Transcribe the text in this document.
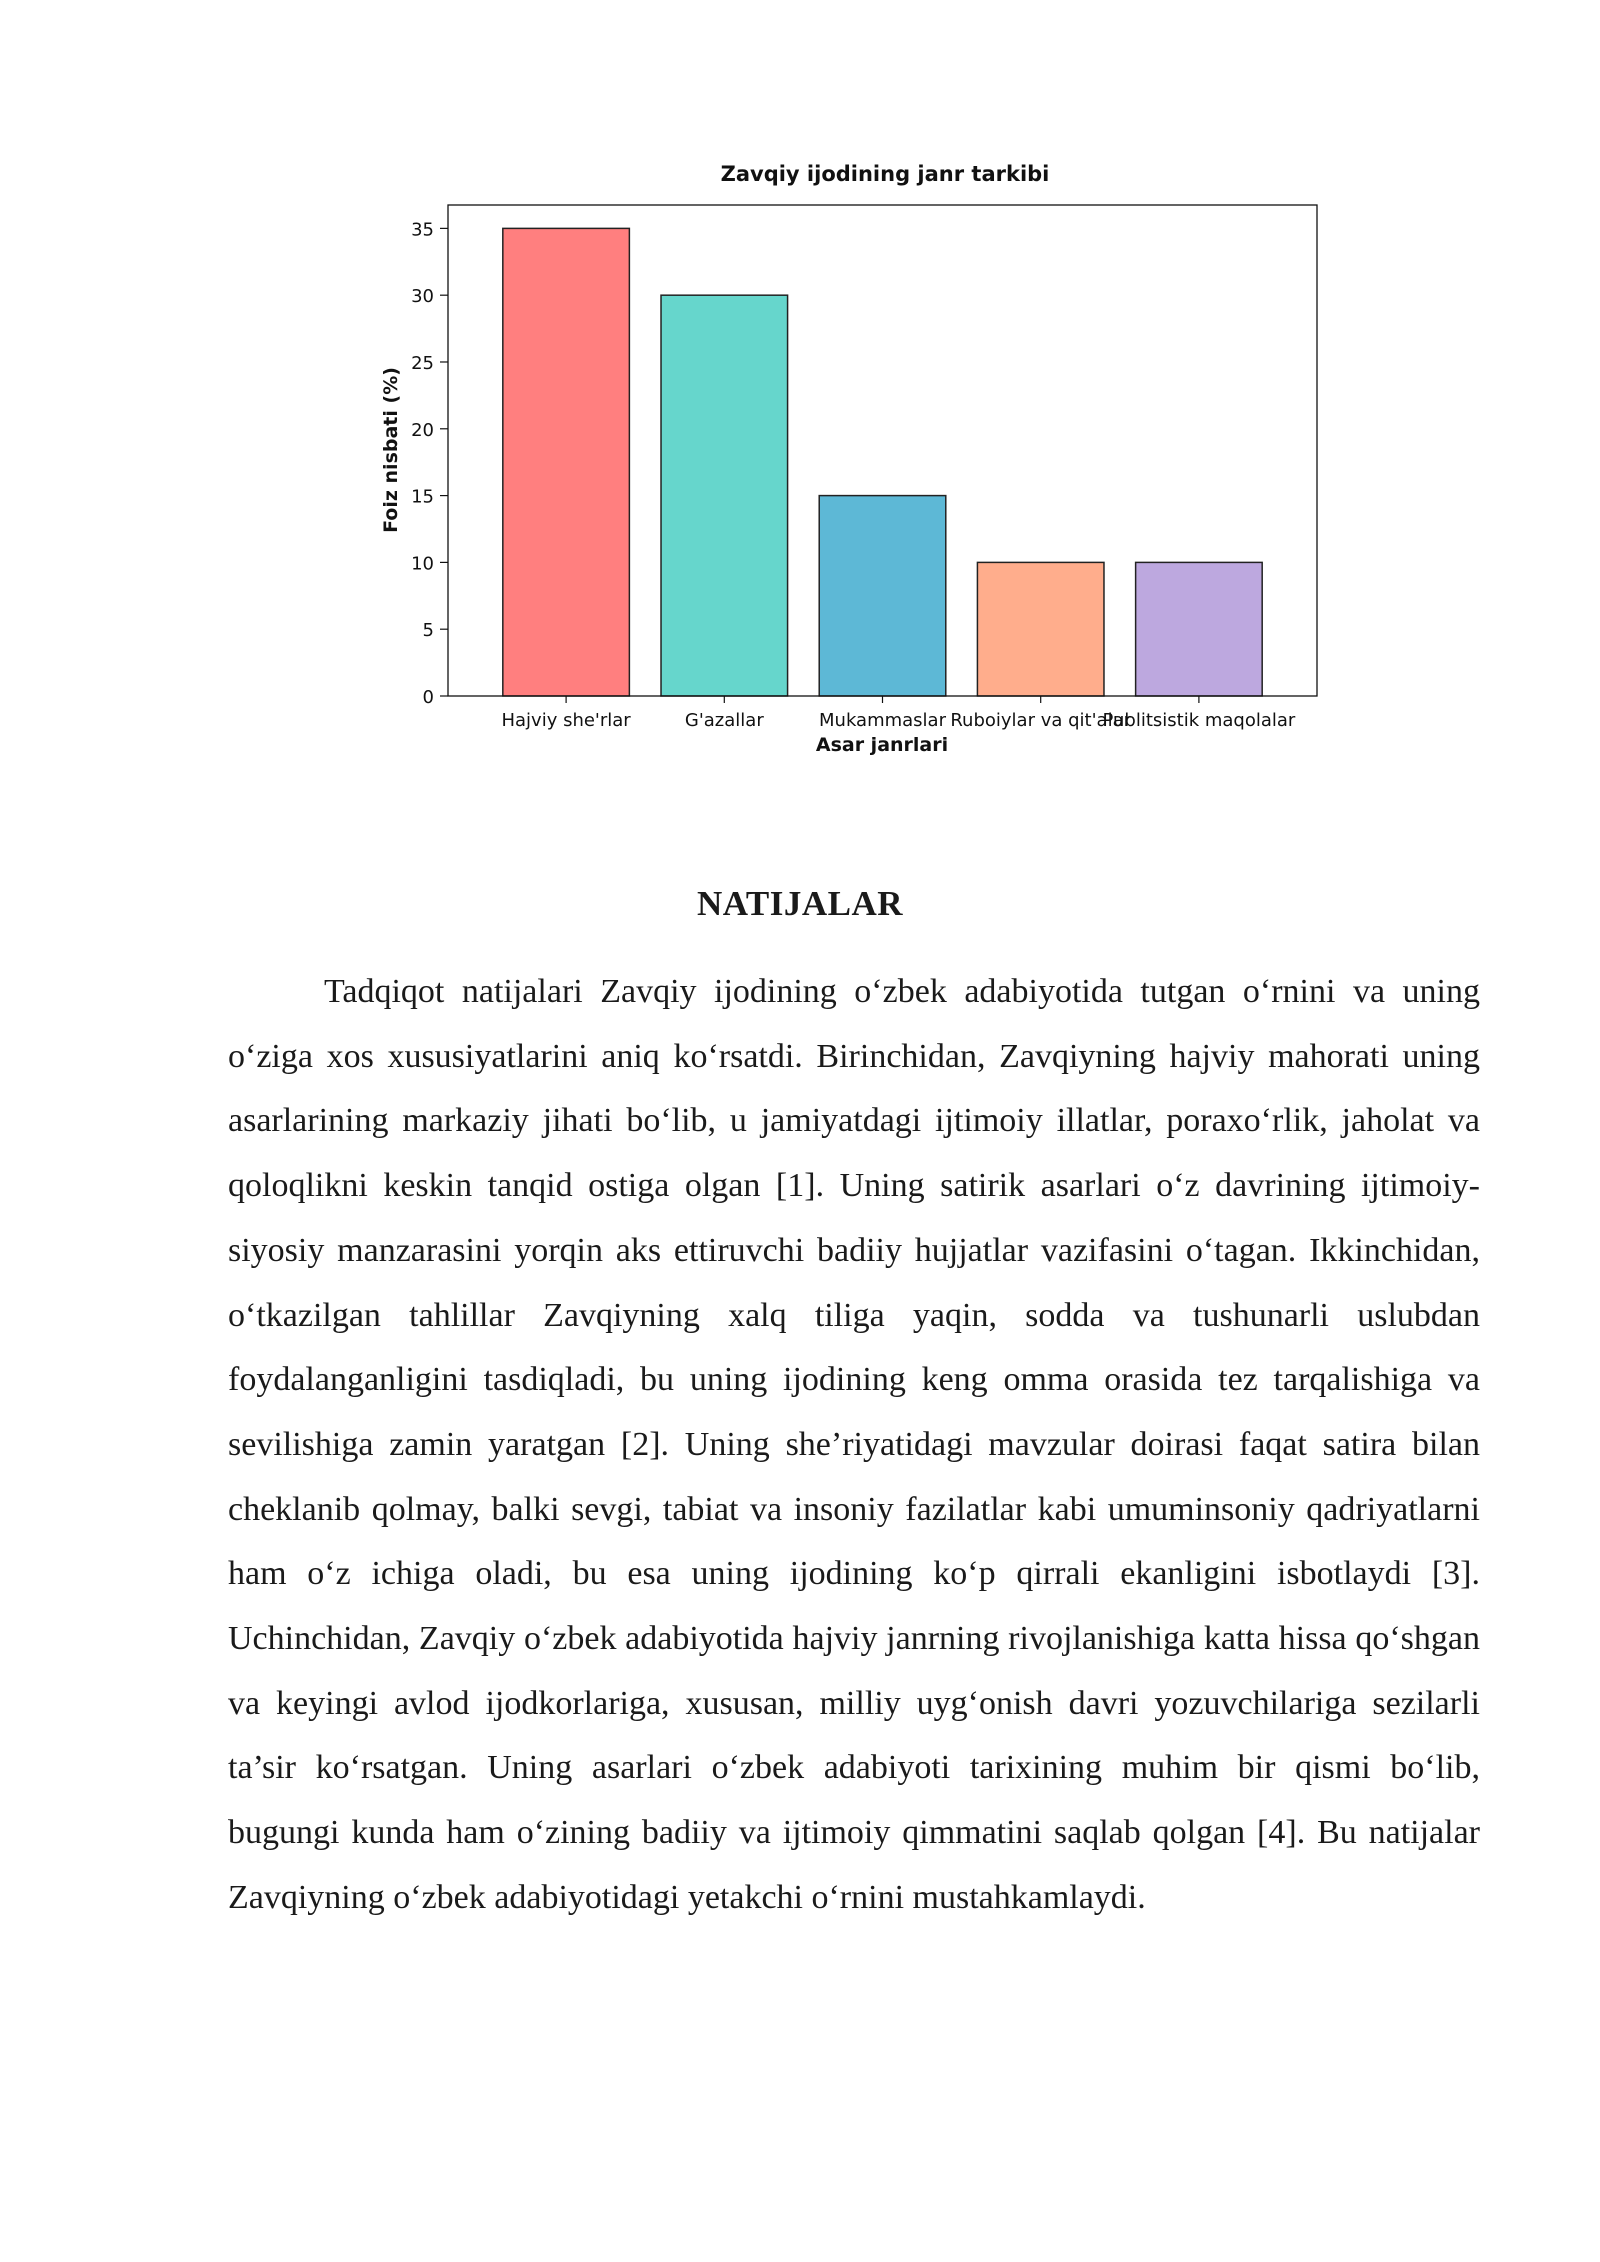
Zavqiy ijodining janr tarkibi
0
5
10
15
20
25
30
35
Hajviy she'rlar	G'azallar	Mukammaslar Ruboiylar va qit'alar
Publitsistik maqolalar
Asar janrlari
Foiz nisbati (%)
NATIJALAR

Tadqiqot natijalari Zavqiy ijodining o‘zbek adabiyotida tutgan o‘rnini va uning o‘ziga xos xususiyatlarini aniq ko‘rsatdi. Birinchidan, Zavqiyning hajviy mahorati uning asarlarining markaziy jihati bo‘lib, u jamiyatdagi ijtimoiy illatlar, poraxo‘rlik, jaholat va qoloqlikni keskin tanqid ostiga olgan [1]. Uning satirik asarlari o‘z davrining ijtimoiy-siyosiy manzarasini yorqin aks ettiruvchi badiiy hujjatlar vazifasini o‘tagan. Ikkinchidan, o‘tkazilgan tahlillar Zavqiyning xalq tiliga yaqin, sodda va tushunarli uslubdan foydalanganligini tasdiqladi, bu uning ijodining keng omma orasida tez tarqalishiga va sevilishiga zamin yaratgan [2]. Uning she’riyatidagi mavzular doirasi faqat satira bilan cheklanib qolmay, balki sevgi, tabiat va insoniy fazilatlar kabi umuminsoniy qadriyatlarni ham o‘z ichiga oladi, bu esa uning ijodining ko‘p qirrali ekanligini isbotlaydi [3]. Uchinchidan, Zavqiy o‘zbek adabiyotida hajviy janrning rivojlanishiga katta hissa qo‘shgan va keyingi avlod ijodkorlariga, xususan, milliy uyg‘onish davri yozuvchilariga sezilarli ta’sir ko‘rsatgan. Uning asarlari o‘zbek adabiyoti tarixining muhim bir qismi bo‘lib, bugungi kunda ham o‘zining badiiy va ijtimoiy qimmatini saqlab qolgan [4]. Bu natijalar Zavqiyning o‘zbek adabiyotidagi yetakchi o‘rnini mustahkamlaydi.
